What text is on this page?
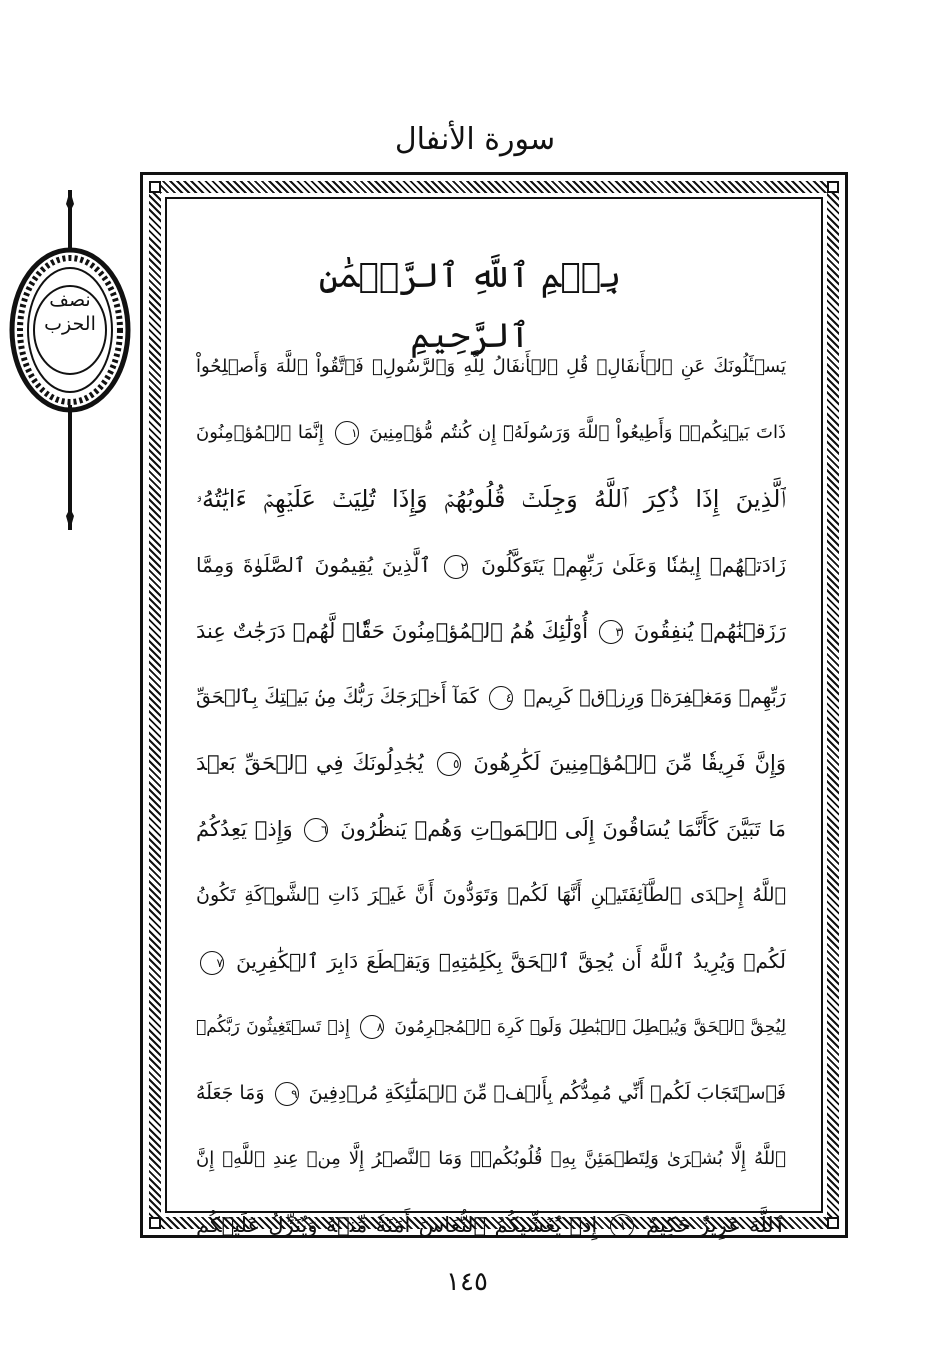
سورة الأنفال
نصف
الحزب
بِسۡمِ ٱللَّهِ ٱلرَّحۡمَٰنِ ٱلرَّحِيمِ
يَسۡـَٔلُونَكَ عَنِ ٱلۡأَنفَالِۖ قُلِ ٱلۡأَنفَالُ لِلَّهِ وَٱلرَّسُولِۖ فَٱتَّقُواْ ٱللَّهَ وَأَصۡلِحُواْ
ذَاتَ بَيۡنِكُمۡۖ وَأَطِيعُواْ ٱللَّهَ وَرَسُولَهُۥٓ إِن كُنتُم مُّؤۡمِنِينَ ١ إِنَّمَا ٱلۡمُؤۡمِنُونَ
ٱلَّذِينَ إِذَا ذُكِرَ ٱللَّهُ وَجِلَتۡ قُلُوبُهُمۡ وَإِذَا تُلِيَتۡ عَلَيۡهِمۡ ءَايَٰتُهُۥ
زَادَتۡهُمۡ إِيمَٰنٗا وَعَلَىٰ رَبِّهِمۡ يَتَوَكَّلُونَ ٢ ٱلَّذِينَ يُقِيمُونَ ٱلصَّلَوٰةَ وَمِمَّا
رَزَقۡنَٰهُمۡ يُنفِقُونَ ٣ أُوْلَٰٓئِكَ هُمُ ٱلۡمُؤۡمِنُونَ حَقّٗاۚ لَّهُمۡ دَرَجَٰتٌ عِندَ
رَبِّهِمۡ وَمَغۡفِرَةٞ وَرِزۡقٞ كَرِيمٞ ٤ كَمَآ أَخۡرَجَكَ رَبُّكَ مِنۢ بَيۡتِكَ بِٱلۡحَقِّ
وَإِنَّ فَرِيقٗا مِّنَ ٱلۡمُؤۡمِنِينَ لَكَٰرِهُونَ ٥ يُجَٰدِلُونَكَ فِي ٱلۡحَقِّ بَعۡدَ
مَا تَبَيَّنَ كَأَنَّمَا يُسَاقُونَ إِلَى ٱلۡمَوۡتِ وَهُمۡ يَنظُرُونَ ٦ وَإِذۡ يَعِدُكُمُ
ٱللَّهُ إِحۡدَى ٱلطَّآئِفَتَيۡنِ أَنَّهَا لَكُمۡ وَتَوَدُّونَ أَنَّ غَيۡرَ ذَاتِ ٱلشَّوۡكَةِ تَكُونُ
لَكُمۡ وَيُرِيدُ ٱللَّهُ أَن يُحِقَّ ٱلۡحَقَّ بِكَلِمَٰتِهِۦ وَيَقۡطَعَ دَابِرَ ٱلۡكَٰفِرِينَ ٧
لِيُحِقَّ ٱلۡحَقَّ وَيُبۡطِلَ ٱلۡبَٰطِلَ وَلَوۡ كَرِهَ ٱلۡمُجۡرِمُونَ ٨ إِذۡ تَسۡتَغِيثُونَ رَبَّكُمۡ
فَٱسۡتَجَابَ لَكُمۡ أَنِّي مُمِدُّكُم بِأَلۡفٖ مِّنَ ٱلۡمَلَٰٓئِكَةِ مُرۡدِفِينَ ٩ وَمَا جَعَلَهُ
ٱللَّهُ إِلَّا بُشۡرَىٰ وَلِتَطۡمَئِنَّ بِهِۦ قُلُوبُكُمۡۚ وَمَا ٱلنَّصۡرُ إِلَّا مِنۡ عِندِ ٱللَّهِۚ إِنَّ
ٱللَّهَ عَزِيزٌ حَكِيمٌ ١٠ إِذۡ يُغَشِّيكُمُ ٱلنُّعَاسَ أَمَنَةٗ مِّنۡهُ وَيُنَزِّلُ عَلَيۡكُم
١٤٥
